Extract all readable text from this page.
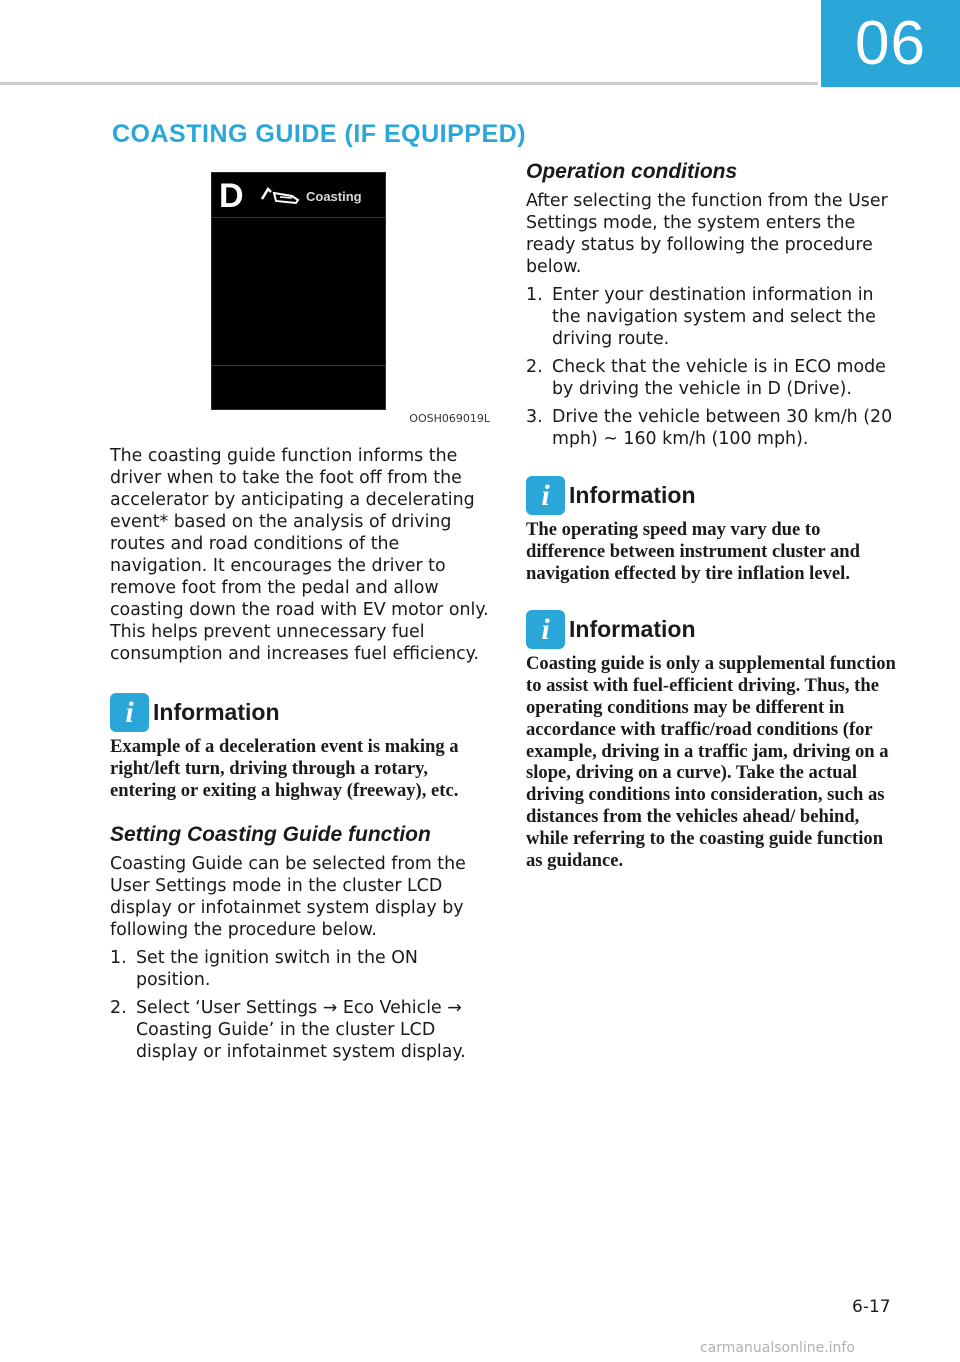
06
COASTING GUIDE (IF EQUIPPED)
D	Coasting
OOSH069019L

The coasting guide function informs the driver when to take the foot off from the accelerator by anticipating a decelerating event* based on the analysis of driving routes and road conditions of the navigation. It encourages the driver to remove foot from the pedal and allow coasting down the road with EV motor only. This helps prevent unnecessary fuel consumption and increases fuel efficiency.

i Information

Example of a deceleration event is making a right/left turn, driving through a rotary, entering or exiting a highway (freeway), etc.

Setting Coasting Guide function

Coasting Guide can be selected from the User Settings mode in the cluster LCD display or infotainmet system display by following the procedure below.

1. Set the ignition switch in the ON position.
2. Select ‘User Settings → Eco Vehicle → Coasting Guide’ in the cluster LCD display or infotainmet system display.
Operation conditions

After selecting the function from the User Settings mode, the system enters the ready status by following the procedure below.

1. Enter your destination information in the navigation system and select the driving route.
2. Check that the vehicle is in ECO mode by driving the vehicle in D (Drive).
3. Drive the vehicle between 30 km/h (20 mph) ~ 160 km/h (100 mph).
i Information

The operating speed may vary due to difference between instrument cluster and navigation effected by tire inflation level.

i Information

Coasting guide is only a supplemental function to assist with fuel-efficient driving. Thus, the operating conditions may be different in accordance with traffic/road conditions (for example, driving in a traffic jam, driving on a slope, driving on a curve). Take the actual driving conditions into consideration, such as distances from the vehicles ahead/ behind, while referring to the coasting guide function as guidance.

6-17
carmanualsonline.info
